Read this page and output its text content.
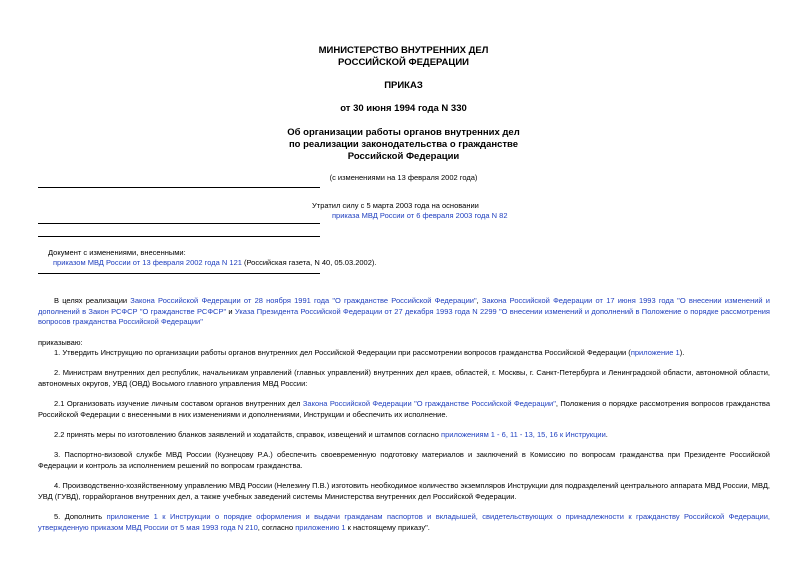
МИНИСТЕРСТВО ВНУТРЕННИХ ДЕЛ
РОССИЙСКОЙ ФЕДЕРАЦИИ
ПРИКАЗ
от 30 июня 1994 года N 330
Об организации работы органов внутренних дел
по реализации законодательства о гражданстве
Российской Федерации
(с изменениями на 13 февраля 2002 года)
Утратил силу с 5 марта 2003 года на основании
приказа МВД России от 6 февраля 2003 года N 82
Документ с изменениями, внесенными:
приказом МВД России от 13 февраля 2002 года N 121 (Российская газета, N 40, 05.03.2002).
В целях реализации Закона Российской Федерации от 28 ноября 1991 года "О гражданстве Российской Федерации", Закона Российской Федерации от 17 июня 1993 года "О внесении изменений и дополнений в Закон РСФСР "О гражданстве РСФСР" и Указа Президента Российской Федерации от 27 декабря 1993 года N 2299 "О внесении изменений и дополнений в Положение о порядке рассмотрения вопросов гражданства Российской Федерации"
приказываю:
1. Утвердить Инструкцию по организации работы органов внутренних дел Российской Федерации при рассмотрении вопросов гражданства Российской Федерации (приложение 1).
2. Министрам внутренних дел республик, начальникам управлений (главных управлений) внутренних дел краев, областей, г. Москвы, г. Санкт-Петербурга и Ленинградской области, автономной области, автономных округов, УВД (ОВД) Восьмого главного управления МВД России:
2.1 Организовать изучение личным составом органов внутренних дел Закона Российской Федерации "О гражданстве Российской Федерации", Положения о порядке рассмотрения вопросов гражданства Российской Федерации с внесенными в них изменениями и дополнениями, Инструкции и обеспечить их исполнение.
2.2 принять меры по изготовлению бланков заявлений и ходатайств, справок, извещений и штампов согласно приложениям 1 - 6, 11 - 13, 15, 16 к Инструкции.
3. Паспортно-визовой службе МВД России (Кузнецову Р.А.) обеспечить своевременную подготовку материалов и заключений в Комиссию по вопросам гражданства при Президенте Российской Федерации и контроль за исполнением решений по вопросам гражданства.
4. Производственно-хозяйственному управлению МВД России (Нелезину П.В.) изготовить необходимое количество экземпляров Инструкции для подразделений центрального аппарата МВД России, МВД, УВД (ГУВД), горрайорганов внутренних дел, а также учебных заведений системы Министерства внутренних дел Российской Федерации.
5. Дополнить приложение 1 к Инструкции о порядке оформления и выдачи гражданам паспортов и вкладышей, свидетельствующих о принадлежности к гражданству Российской Федерации, утвержденную приказом МВД России от 5 мая 1993 года N 210, согласно приложению 1 к настоящему приказу".
